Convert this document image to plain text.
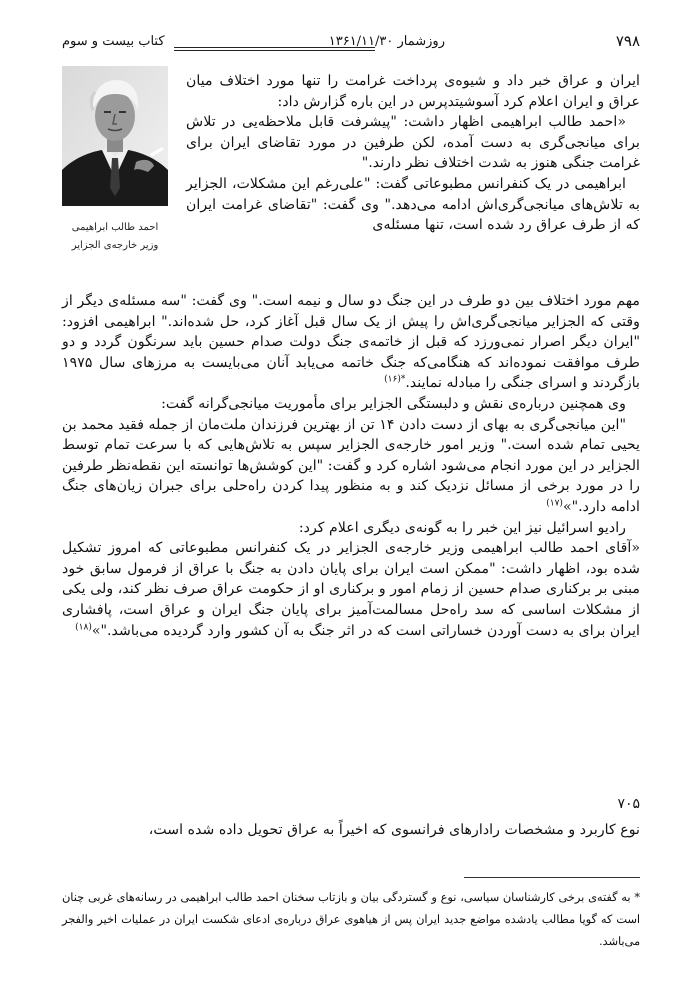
۷۹۸
روزشمار ۱۳۶۱/۱۱/۳۰
کتاب بیست و سوم
احمد طالب ابراهیمی
وزیر خارجه‌ی الجزایر

ایران و عراق خبر داد و شیوه‌ی پرداخت غرامت را تنها مورد اختلاف میان عراق و ایران اعلام کرد آسوشیتدپرس در این باره گزارش داد:

«احمد طالب ابراهیمی اظهار داشت: "پیشرفت قابل ملاحظه‌یی در تلاش برای میانجی‌گری به دست آمده، لکن طرفین در مورد تقاضای ایران برای غرامت جنگی هنوز به شدت اختلاف نظر دارند."

ابراهیمی در یک کنفرانس مطبوعاتی گفت: "علی‌رغم این مشکلات، الجزایر به تلاش‌های میانجی‌گری‌اش ادامه می‌دهد." وی گفت: "تقاضای غرامت ایران که از طرف عراق رد شده است، تنها مسئله‌ی

مهم مورد اختلاف بین دو طرف در این جنگ دو سال و نیمه است." وی گفت: "سه مسئله‌ی دیگر از وقتی که الجزایر میانجی‌گری‌اش را پیش از یک سال قبل آغاز کرد، حل شده‌اند." ابراهیمی افزود: "ایران دیگر اصرار نمی‌ورزد که قبل از خاتمه‌ی جنگ دولت صدام حسین باید سرنگون گردد و دو طرف موافقت نموده‌اند که هنگامی‌که جنگ خاتمه می‌یابد آنان می‌بایست به مرزهای سال ۱۹۷۵ بازگردند و اسرای جنگی را مبادله نمایند.$^{*(۱۶)}$

وی همچنین درباره‌ی نقش و دلبستگی الجزایر برای مأموریت میانجی‌گرانه گفت:

"این میانجی‌گری به بهای از دست دادن ۱۴ تن از بهترین فرزندان ملت‌مان از جمله فقید محمد بن یحیی تمام شده است." وزیر امور خارجه‌ی الجزایر سپس به تلاش‌هایی که با سرعت تمام توسط الجزایر در این مورد انجام می‌شود اشاره کرد و گفت: "این کوشش‌ها توانسته این نقطه‌نظر طرفین را در مورد برخی از مسائل نزدیک کند و به منظور پیدا کردن راه‌حلی برای جبران زیان‌های جنگ ادامه دارد."»$^{(۱۷)}$

رادیو اسرائیل نیز این خبر را به گونه‌ی دیگری اعلام کرد:

«آقای احمد طالب ابراهیمی وزیر خارجه‌ی الجزایر در یک کنفرانس مطبوعاتی که امروز تشکیل شده بود، اظهار داشت: "ممکن است ایران برای پایان دادن به جنگ با عراق از فرمول سابق خود مبنی بر برکناری صدام حسین از زمام امور و برکناری او از حکومت عراق صرف نظر کند، ولی یکی از مشکلات اساسی که سد راه‌حل مسالمت‌آمیز برای پایان جنگ ایران و عراق است، پافشاری ایران برای به دست آوردن خساراتی است که در اثر جنگ به آن کشور وارد گردیده می‌باشد."»$^{(۱۸)}$

۷۰۵
نوع کاربرد و مشخصات رادارهای فرانسوی که اخیراً به عراق تحویل داده شده است،
* به گفته‌ی برخی کارشناسان سیاسی، نوع و گستردگی بیان و بازتاب سخنان احمد طالب ابراهیمی در رسانه‌های غربی چنان است که گویا مطالب یادشده مواضع جدید ایران پس از هیاهوی عراق درباره‌ی ادعای شکست ایران در عملیات اخیر والفجر می‌باشد.
